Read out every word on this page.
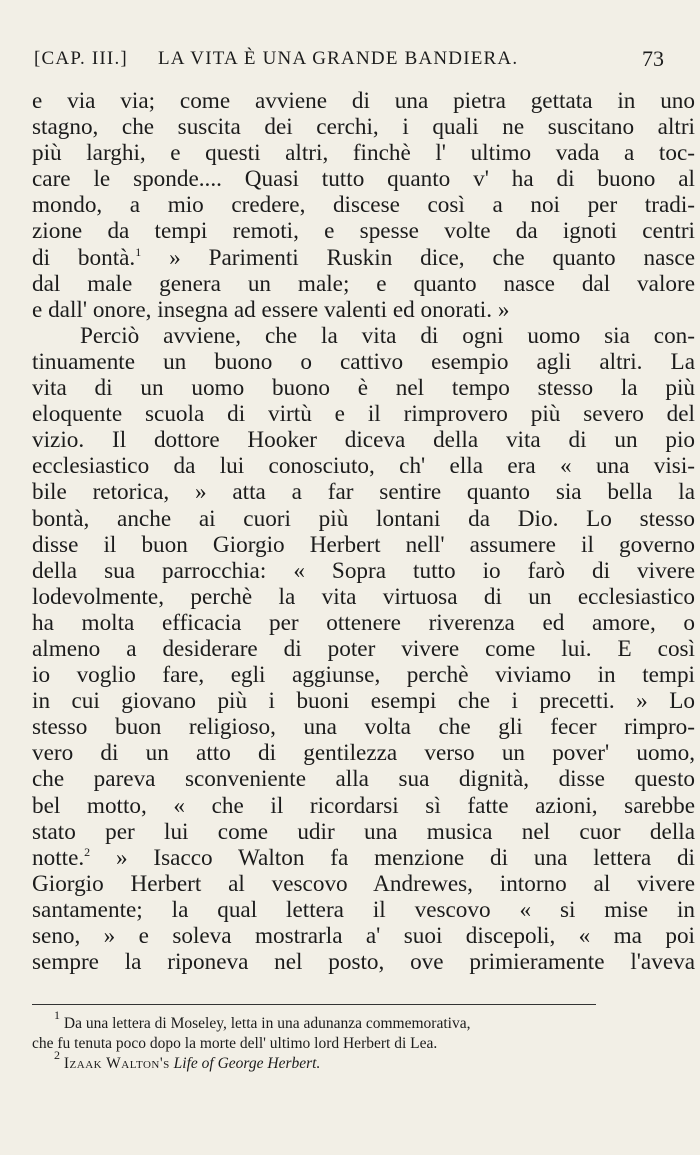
[CAP. III.] LA VITA È UNA GRANDE BANDIERA.	73
e via via; come avviene di una pietra gettata in uno
stagno, che suscita dei cerchi, i quali ne suscitano altri
più larghi, e questi altri, finchè l' ultimo vada a toc-
care le sponde.... Quasi tutto quanto v' ha di buono al
mondo, a mio credere, discese così a noi per tradi-
zione da tempi remoti, e spesse volte da ignoti centri
di bontà.$^1$ » Parimenti Ruskin dice, che quanto nasce
dal male genera un male; e quanto nasce dal valore
e dall' onore, insegna ad essere valenti ed onorati. »
Perciò avviene, che la vita di ogni uomo sia con-
tinuamente un buono o cattivo esempio agli altri. La
vita di un uomo buono è nel tempo stesso la più
eloquente scuola di virtù e il rimprovero più severo del
vizio. Il dottore Hooker diceva della vita di un pio
ecclesiastico da lui conosciuto, ch' ella era « una visi-
bile retorica, » atta a far sentire quanto sia bella la
bontà, anche ai cuori più lontani da Dio. Lo stesso
disse il buon Giorgio Herbert nell' assumere il governo
della sua parrocchia: « Sopra tutto io farò di vivere
lodevolmente, perchè la vita virtuosa di un ecclesiastico
ha molta efficacia per ottenere riverenza ed amore, o
almeno a desiderare di poter vivere come lui. E così
io voglio fare, egli aggiunse, perchè viviamo in tempi
in cui giovano più i buoni esempi che i precetti. » Lo
stesso buon religioso, una volta che gli fecer rimpro-
vero di un atto di gentilezza verso un pover' uomo,
che pareva sconveniente alla sua dignità, disse questo
bel motto, « che il ricordarsi sì fatte azioni, sarebbe
stato per lui come udir una musica nel cuor della
notte.$^2$ » Isacco Walton fa menzione di una lettera di
Giorgio Herbert al vescovo Andrewes, intorno al vivere
santamente; la qual lettera il vescovo « si mise in
seno, » e soleva mostrarla a' suoi discepoli, « ma poi
sempre la riponeva nel posto, ove primieramente l'aveva
$^1$ Da una lettera di Moseley, letta in una adunanza commemorativa,
che fu tenuta poco dopo la morte dell' ultimo lord Herbert di Lea.
$^2$ Izaak Walton's Life of George Herbert.
